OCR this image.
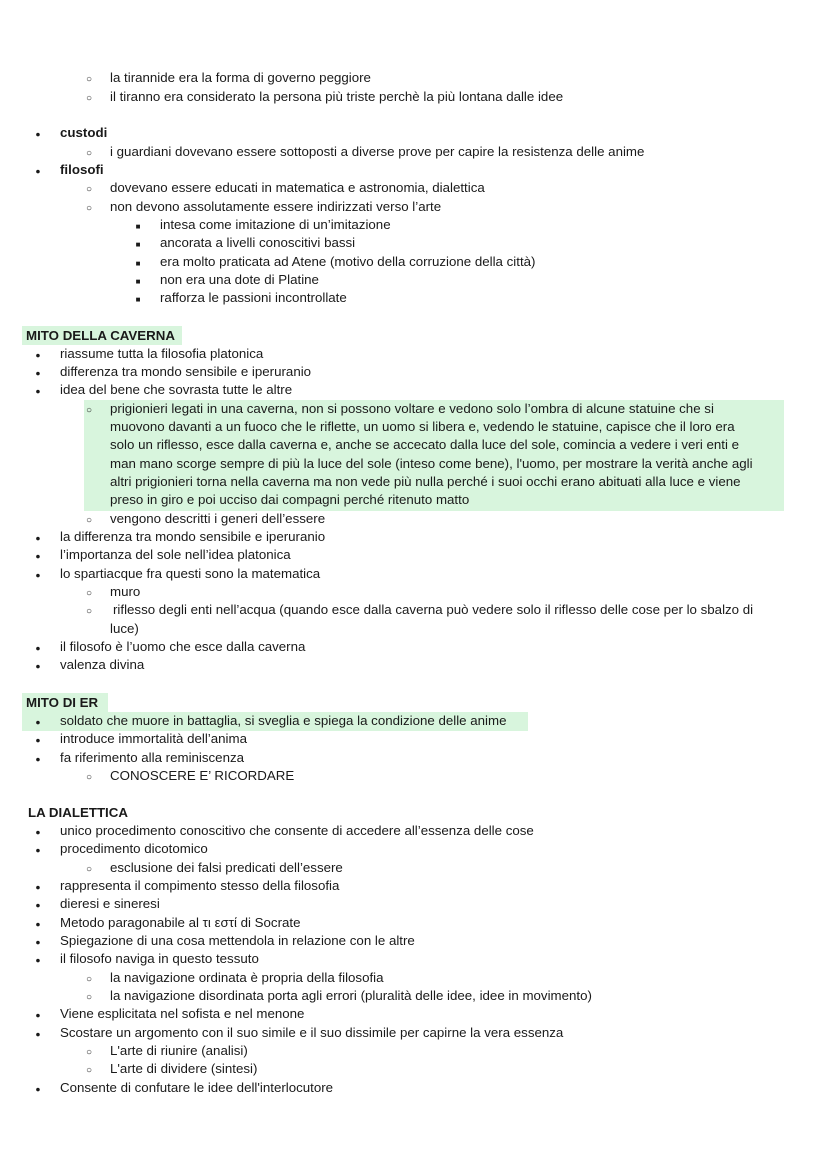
○
la tirannide era la forma di governo peggiore
○
il tiranno era considerato la persona più triste perchè la più lontana dalle idee
●
custodi
○
i guardiani dovevano essere sottoposti a diverse prove per capire la resistenza delle anime
●
filosofi
○
dovevano essere educati in matematica e astronomia, dialettica
○
non devono assolutamente essere indirizzati verso l’arte
■
intesa come imitazione di un’imitazione
■
ancorata a livelli conoscitivi bassi
■
era molto praticata ad Atene (motivo della corruzione della città)
■
non era una dote di Platine
■
rafforza le passioni incontrollate
MITO DELLA CAVERNA
●
riassume tutta la filosofia platonica
●
differenza tra mondo sensibile e iperuranio
●
idea del bene che sovrasta tutte le altre
○
prigionieri legati in una caverna, non si possono voltare e vedono solo l’ombra di alcune statuine che si
muovono davanti a un fuoco che le riflette, un uomo si libera e, vedendo le statuine, capisce che il loro era
solo un riflesso, esce dalla caverna e, anche se accecato dalla luce del sole, comincia a vedere i veri enti e
man mano scorge sempre di più la luce del sole (inteso come bene), l'uomo, per mostrare la verità anche agli
altri prigionieri torna nella caverna ma non vede più nulla perché i suoi occhi erano abituati alla luce e viene
preso in giro e poi ucciso dai compagni perché ritenuto matto
○
vengono descritti i generi dell’essere
●
la differenza tra mondo sensibile e iperuranio
●
l’importanza del sole nell’idea platonica
●
lo spartiacque fra questi sono la matematica
○
muro
○
riflesso degli enti nell’acqua (quando esce dalla caverna può vedere solo il riflesso delle cose per lo sbalzo di
luce)
●
il filosofo è l’uomo che esce dalla caverna
●
valenza divina
MITO DI ER
●
soldato che muore in battaglia, si sveglia e spiega la condizione delle anime
●
introduce immortalità dell’anima
●
fa riferimento alla reminiscenza
○
CONOSCERE E’ RICORDARE
LA DIALETTICA
●
unico procedimento conoscitivo che consente di accedere all’essenza delle cose
●
procedimento dicotomico
○
esclusione dei falsi predicati dell’essere
●
rappresenta il compimento stesso della filosofia
●
dieresi e sineresi
●
Metodo paragonabile al τι εστί di Socrate
●
Spiegazione di una cosa mettendola in relazione con le altre
●
il filosofo naviga in questo tessuto
○
la navigazione ordinata è propria della filosofia
○
la navigazione disordinata porta agli errori (pluralità delle idee, idee in movimento)
●
Viene esplicitata nel sofista e nel menone
●
Scostare un argomento con il suo simile e il suo dissimile per capirne la vera essenza
○
L'arte di riunire (analisi)
○
L'arte di dividere (sintesi)
●
Consente di confutare le idee dell'interlocutore
